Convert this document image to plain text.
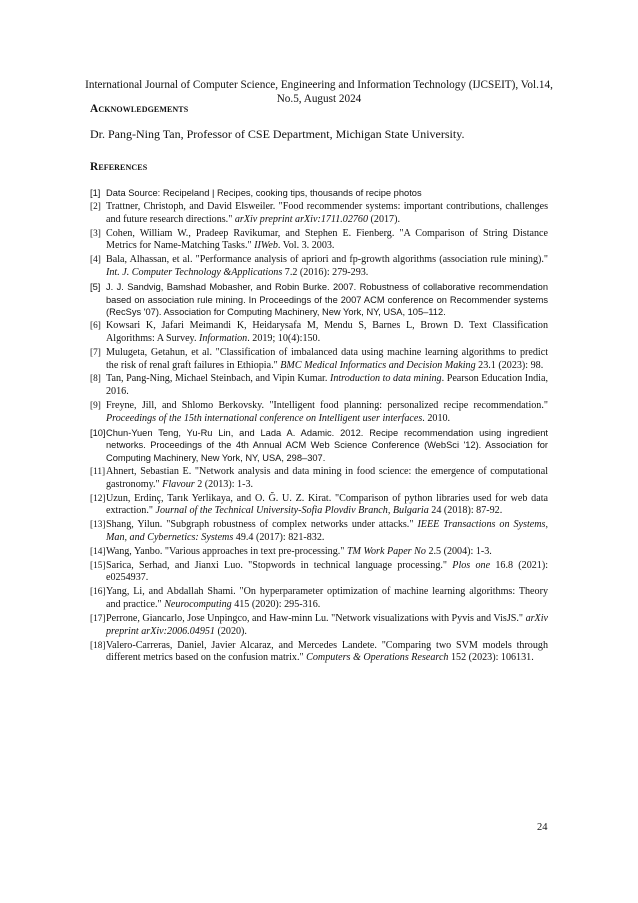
International Journal of Computer Science, Engineering and Information Technology (IJCSEIT), Vol.14,
No.5, August 2024
Acknowledgements
Dr. Pang-Ning Tan, Professor of CSE Department, Michigan State University.
References
[1] Data Source: Recipeland | Recipes, cooking tips, thousands of recipe photos
[2] Trattner, Christoph, and David Elsweiler. "Food recommender systems: important contributions, challenges and future research directions." arXiv preprint arXiv:1711.02760 (2017).
[3] Cohen, William W., Pradeep Ravikumar, and Stephen E. Fienberg. "A Comparison of String Distance Metrics for Name-Matching Tasks." IIWeb. Vol. 3. 2003.
[4] Bala, Alhassan, et al. "Performance analysis of apriori and fp-growth algorithms (association rule mining)." Int. J. Computer Technology &Applications 7.2 (2016): 279-293.
[5] J. J. Sandvig, Bamshad Mobasher, and Robin Burke. 2007. Robustness of collaborative recommendation based on association rule mining. In Proceedings of the 2007 ACM conference on Recommender systems (RecSys '07). Association for Computing Machinery, New York, NY, USA, 105–112.
[6] Kowsari K, Jafari Meimandi K, Heidarysafa M, Mendu S, Barnes L, Brown D. Text Classification Algorithms: A Survey. Information. 2019; 10(4):150.
[7] Mulugeta, Getahun, et al. "Classification of imbalanced data using machine learning algorithms to predict the risk of renal graft failures in Ethiopia." BMC Medical Informatics and Decision Making 23.1 (2023): 98.
[8] Tan, Pang-Ning, Michael Steinbach, and Vipin Kumar. Introduction to data mining. Pearson Education India, 2016.
[9] Freyne, Jill, and Shlomo Berkovsky. "Intelligent food planning: personalized recipe recommendation." Proceedings of the 15th international conference on Intelligent user interfaces. 2010.
[10] Chun-Yuen Teng, Yu-Ru Lin, and Lada A. Adamic. 2012. Recipe recommendation using ingredient networks. Proceedings of the 4th Annual ACM Web Science Conference (WebSci '12). Association for Computing Machinery, New York, NY, USA, 298–307.
[11] Ahnert, Sebastian E. "Network analysis and data mining in food science: the emergence of computational gastronomy." Flavour 2 (2013): 1-3.
[12] Uzun, Erdinç, Tarık Yerlikaya, and O. Ğ. U. Z. Kirat. "Comparison of python libraries used for web data extraction." Journal of the Technical University-Sofia Plovdiv Branch, Bulgaria 24 (2018): 87-92.
[13] Shang, Yilun. "Subgraph robustness of complex networks under attacks." IEEE Transactions on Systems, Man, and Cybernetics: Systems 49.4 (2017): 821-832.
[14] Wang, Yanbo. "Various approaches in text pre-processing." TM Work Paper No 2.5 (2004): 1-3.
[15] Sarica, Serhad, and Jianxi Luo. "Stopwords in technical language processing." Plos one 16.8 (2021): e0254937.
[16] Yang, Li, and Abdallah Shami. "On hyperparameter optimization of machine learning algorithms: Theory and practice." Neurocomputing 415 (2020): 295-316.
[17] Perrone, Giancarlo, Jose Unpingco, and Haw-minn Lu. "Network visualizations with Pyvis and VisJS." arXiv preprint arXiv:2006.04951 (2020).
[18] Valero-Carreras, Daniel, Javier Alcaraz, and Mercedes Landete. "Comparing two SVM models through different metrics based on the confusion matrix." Computers & Operations Research 152 (2023): 106131.
24
